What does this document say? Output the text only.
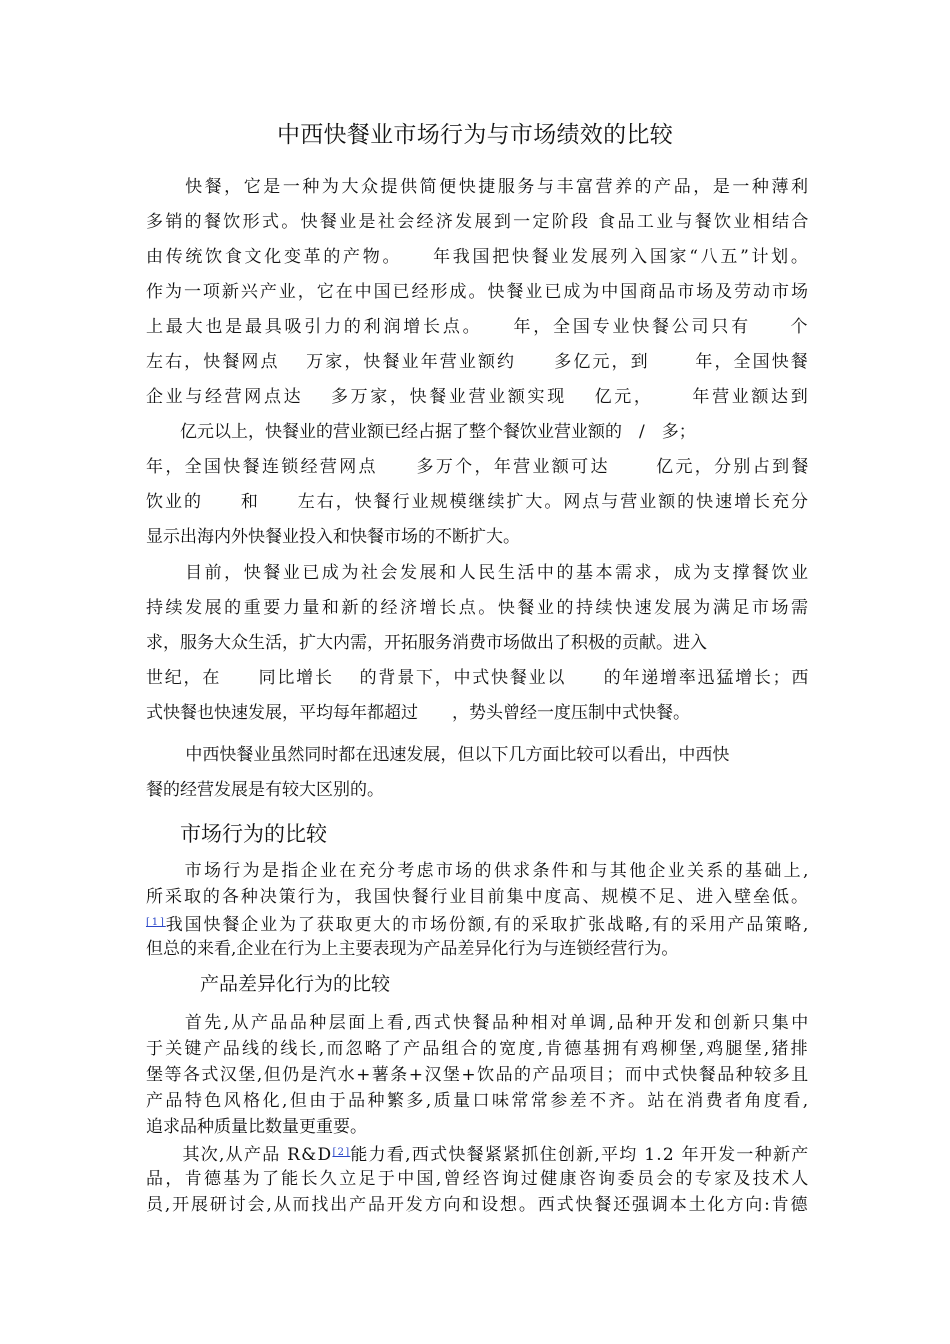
中西快餐业市场行为与市场绩效的比较
　　快餐，它是一种为大众提供简便快捷服务与丰富营养的产品，是一种薄利
多销的餐饮形式。快餐业是社会经济发展到一定阶段 食品工业与餐饮业相结合
由传统饮食文化变革的产物。　　年我国把快餐业发展列入国家“八五”计划。
作为一项新兴产业，它在中国已经形成。快餐业已成为中国商品市场及劳动市场
上最大也是最具吸引力的利润增长点。　　年，全国专业快餐公司只有　　个
左右，快餐网点　 万家，快餐业年营业额约　　多亿元，到　　 年，全国快餐
企业与经营网点达　 多万家，快餐业营业额实现　 亿元，　　 年营业额达到
　　亿元以上，快餐业的营业额已经占据了整个餐饮业营业额的　/　多；
年，全国快餐连锁经营网点　　多万个，年营业额可达　　 亿元，分别占到餐
饮业的　　和　　左右，快餐行业规模继续扩大。网点与营业额的快速增长充分
显示出海内外快餐业投入和快餐市场的不断扩大。
　　目前，快餐业已成为社会发展和人民生活中的基本需求，成为支撑餐饮业
持续发展的重要力量和新的经济增长点。快餐业的持续快速发展为满足市场需
求，服务大众生活，扩大内需，开拓服务消费市场做出了积极的贡献。进入
世纪，在　　同比增长　 的背景下，中式快餐业以　　的年递增率迅猛增长；西
式快餐也快速发展，平均每年都超过　　，势头曾经一度压制中式快餐。
　　 中西快餐业虽然同时都在迅速发展，但以下几方面比较可以看出，中西快
餐的经营发展是有较大区别的。
市场行为的比较
　　市场行为是指企业在充分考虑市场的供求条件和与其他企业关系的基础上,
所采取的各种决策行为，我国快餐行业目前集中度高、规模不足、进入壁垒低。
[1]我国快餐企业为了获取更大的市场份额,有的采取扩张战略,有的采用产品策略,
但总的来看,企业在行为上主要表现为产品差异化行为与连锁经营行为。
产品差异化行为的比较
　　首先,从产品品种层面上看,西式快餐品种相对单调,品种开发和创新只集中
于关键产品线的线长,而忽略了产品组合的宽度,肯德基拥有鸡柳堡,鸡腿堡,猪排
堡等各式汉堡,但仍是汽水+薯条+汉堡+饮品的产品项目；而中式快餐品种较多且
产品特色风格化,但由于品种繁多,质量口味常常参差不齐。站在消费者角度看,
追求品种质量比数量更重要。
　　其次,从产品 R&D[2]能力看,西式快餐紧紧抓住创新,平均 1.2 年开发一种新产
品，肯德基为了能长久立足于中国,曾经咨询过健康咨询委员会的专家及技术人
员,开展研讨会,从而找出产品开发方向和设想。西式快餐还强调本土化方向:肯德
